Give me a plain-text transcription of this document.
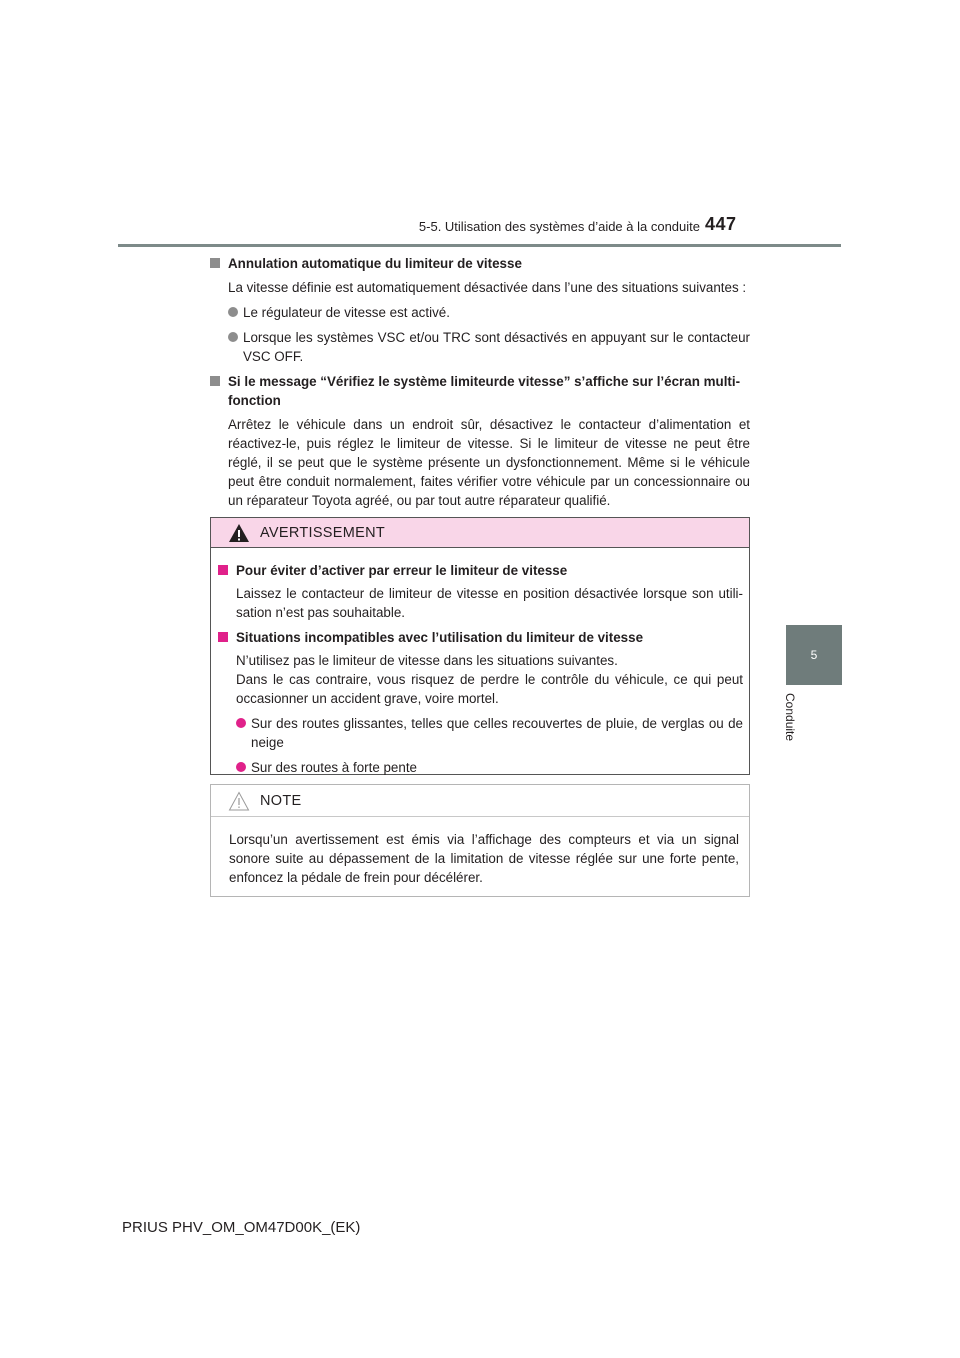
5-5. Utilisation des systèmes d’aide à la conduite 447
5
Conduite
Annulation automatique du limiteur de vitesse
La vitesse définie est automatiquement désactivée dans l’une des situations suivantes :
Le régulateur de vitesse est activé.
Lorsque les systèmes VSC et/ou TRC sont désactivés en appuyant sur le contacteur VSC OFF.
Si le message “Vérifiez le système limiteurde vitesse” s’affiche sur l’écran multi-fonction
Arrêtez le véhicule dans un endroit sûr, désactivez le contacteur d’alimentation et réactivez-le, puis réglez le limiteur de vitesse. Si le limiteur de vitesse ne peut être réglé, il se peut que le système présente un dysfonctionnement. Même si le véhicule peut être conduit normalement, faites vérifier votre véhicule par un concessionnaire ou un réparateur Toyota agréé, ou par tout autre réparateur qualifié.
AVERTISSEMENT
Pour éviter d’activer par erreur le limiteur de vitesse
Laissez le contacteur de limiteur de vitesse en position désactivée lorsque son utili-sation n’est pas souhaitable.
Situations incompatibles avec l’utilisation du limiteur de vitesse
N’utilisez pas le limiteur de vitesse dans les situations suivantes.
Dans le cas contraire, vous risquez de perdre le contrôle du véhicule, ce qui peut occasionner un accident grave, voire mortel.
Sur des routes glissantes, telles que celles recouvertes de pluie, de verglas ou de neige
Sur des routes à forte pente
NOTE
Lorsqu’un avertissement est émis via l’affichage des compteurs et via un signal sonore suite au dépassement de la limitation de vitesse réglée sur une forte pente, enfoncez la pédale de frein pour décélérer.
PRIUS PHV_OM_OM47D00K_(EK)
